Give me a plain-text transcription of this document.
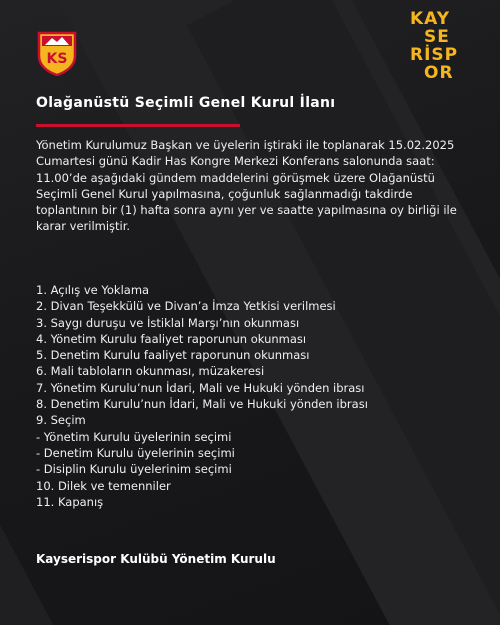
KS
KAY
SE
RİSP
OR
Olağanüstü Seçimli Genel Kurul İlanı
Yönetim Kurulumuz Başkan ve üyelerin iştiraki ile toplanarak 15.02.2025 Cumartesi günü Kadir Has Kongre Merkezi Konferans salonunda saat: 11.00’de aşağıdaki gündem maddelerini görüşmek üzere Olağanüstü Seçimli Genel Kurul yapılmasına, çoğunluk sağlanmadığı takdirde toplantının bir (1) hafta sonra aynı yer ve saatte yapılmasına oy birliği ile karar verilmiştir.
1. Açılış ve Yoklama
2. Divan Teşekkülü ve Divan’a İmza Yetkisi verilmesi
3. Saygı duruşu ve İstiklal Marşı’nın okunması
4. Yönetim Kurulu faaliyet raporunun okunması
5. Denetim Kurulu faaliyet raporunun okunması
6. Mali tabloların okunması, müzakeresi
7. Yönetim Kurulu’nun İdari, Mali ve Hukuki yönden ibrası
8. Denetim Kurulu’nun İdari, Mali ve Hukuki yönden ibrası
9. Seçim
- Yönetim Kurulu üyelerinin seçimi
- Denetim Kurulu üyelerinin seçimi
- Disiplin Kurulu üyelerinim seçimi
10. Dilek ve temenniler
11. Kapanış
Kayserispor Kulübü Yönetim Kurulu
